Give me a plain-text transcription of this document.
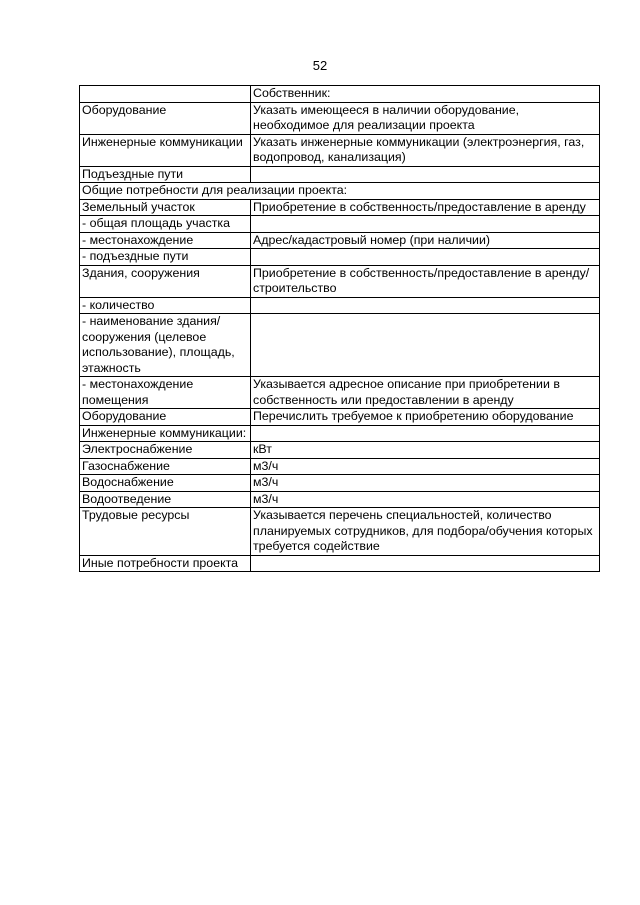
52
	Собственник:
Оборудование	Указать имеющееся в наличии оборудование, необходимое для реализации проекта
Инженерные коммуникации	Указать инженерные коммуникации (электроэнергия, газ, водопровод, канализация)
Подъездные пути	
Общие потребности для реализации проекта:	
Земельный участок	Приобретение в собственность/предоставление в аренду
- общая площадь участка	
- местонахождение	Адрес/кадастровый номер (при наличии)
- подъездные пути	
Здания, сооружения	Приобретение в собственность/предоставление в аренду/строительство
- количество	
- наименование здания/ сооружения (целевое использование), площадь, этажность	
- местонахождение помещения	Указывается адресное описание при приобретении в собственность или предоставлении в аренду
Оборудование	Перечислить требуемое к приобретению оборудование
Инженерные коммуникации:	
Электроснабжение	кВт
Газоснабжение	м3/ч
Водоснабжение	м3/ч
Водоотведение	м3/ч
Трудовые ресурсы	Указывается перечень специальностей, количество планируемых сотрудников, для подбора/обучения которых требуется содействие
Иные потребности проекта	
